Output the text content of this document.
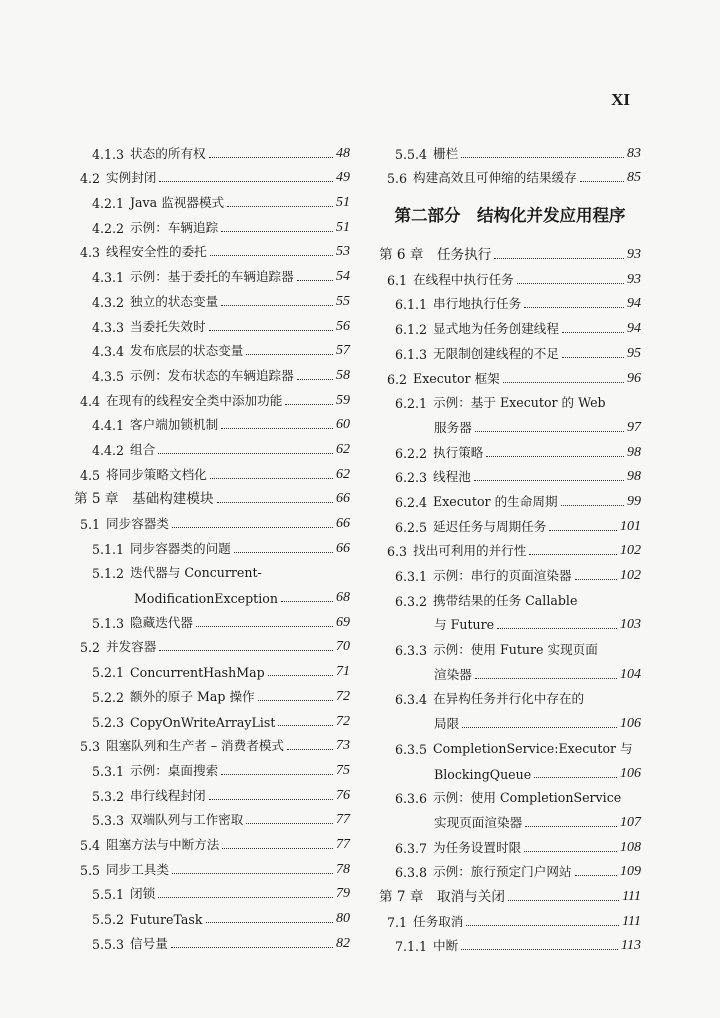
XI
4.1.3 状态的所有权	48
4.2 实例封闭	49
4.2.1 Java 监视器模式	51
4.2.2 示例：车辆追踪	51
4.3 线程安全性的委托	53
4.3.1 示例：基于委托的车辆追踪器	54
4.3.2 独立的状态变量	55
4.3.3 当委托失效时	56
4.3.4 发布底层的状态变量	57
4.3.5 示例：发布状态的车辆追踪器	58
4.4 在现有的线程安全类中添加功能	59
4.4.1 客户端加锁机制	60
4.4.2 组合	62
4.5 将同步策略文档化	62
第 5 章 基础构建模块	66
5.1 同步容器类	66
5.1.1 同步容器类的问题	66
5.1.2 迭代器与 Concurrent-
ModificationException	68
5.1.3 隐藏迭代器	69
5.2 并发容器	70
5.2.1 ConcurrentHashMap	71
5.2.2 额外的原子 Map 操作	72
5.2.3 CopyOnWriteArrayList	72
5.3 阻塞队列和生产者 – 消费者模式	73
5.3.1 示例：桌面搜索	75
5.3.2 串行线程封闭	76
5.3.3 双端队列与工作密取	77
5.4 阻塞方法与中断方法	77
5.5 同步工具类	78
5.5.1 闭锁	79
5.5.2 FutureTask	80
5.5.3 信号量	82
5.5.4 栅栏	83
5.6 构建高效且可伸缩的结果缓存	85
第二部分　结构化并发应用程序
第 6 章 任务执行	93
6.1 在线程中执行任务	93
6.1.1 串行地执行任务	94
6.1.2 显式地为任务创建线程	94
6.1.3 无限制创建线程的不足	95
6.2 Executor 框架	96
6.2.1 示例：基于 Executor 的 Web
服务器	97
6.2.2 执行策略	98
6.2.3 线程池	98
6.2.4 Executor 的生命周期	99
6.2.5 延迟任务与周期任务	101
6.3 找出可利用的并行性	102
6.3.1 示例：串行的页面渲染器	102
6.3.2 携带结果的任务 Callable
与 Future	103
6.3.3 示例：使用 Future 实现页面
渲染器	104
6.3.4 在异构任务并行化中存在的
局限	106
6.3.5 CompletionService:Executor 与
BlockingQueue	106
6.3.6 示例：使用 CompletionService
实现页面渲染器	107
6.3.7 为任务设置时限	108
6.3.8 示例：旅行预定门户网站	109
第 7 章 取消与关闭	111
7.1 任务取消	111
7.1.1 中断	113
